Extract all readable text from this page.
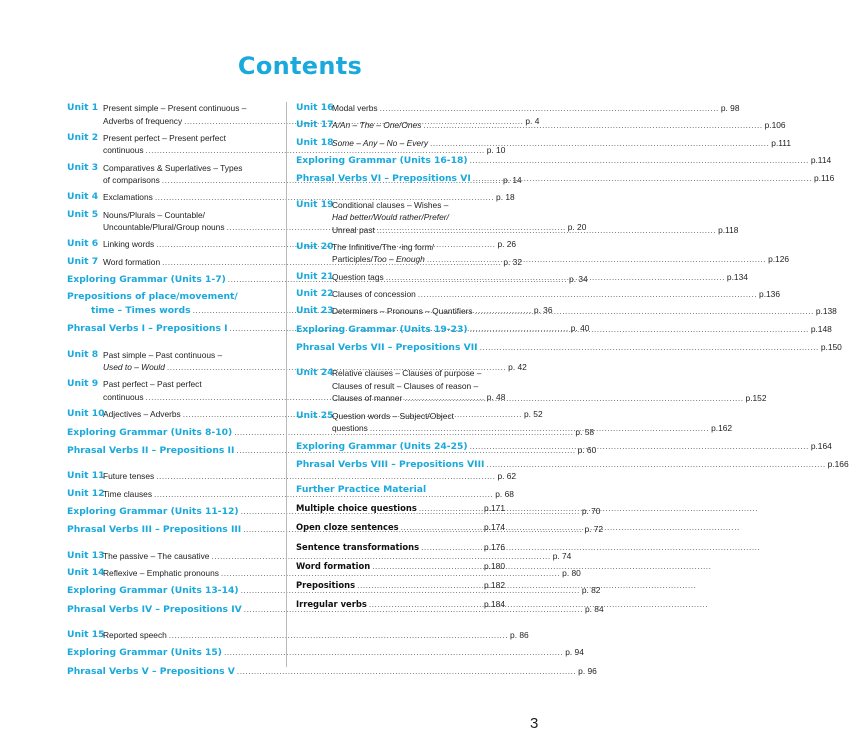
Contents
Unit 1 Present simple – Present continuous –
Adverbs of frequency .....	p. 4
Unit 2 Present perfect – Present perfect
continuous .....	p. 10
Unit 3 Comparatives & Superlatives – Types
of comparisons .....	p. 14
Unit 4 Exclamations .....	p. 18
Unit 5 Nouns/Plurals – Countable/
Uncountable/Plural/Group nouns .....	p. 20
Unit 6 Linking words .....	p. 26
Unit 7 Word formation .....	p. 32
Exploring Grammar (Units 1-7) .....	p. 34
Prepositions of place/movement/
time – Times words .....	p. 36
Phrasal Verbs I – Prepositions I .....	p. 40
Unit 8 Past simple – Past continuous –
Used to – Would .....	p. 42
Unit 9 Past perfect – Past perfect
continuous .....	p. 48
Unit 10
Adjectives – Adverbs .....	p. 52
Exploring Grammar (Units 8-10) .....	p. 58
Phrasal Verbs II – Prepositions II .....	p. 60
Unit 11
Future tenses .....	p. 62
Unit 12
Time clauses .....	p. 68
Exploring Grammar (Units 11-12) .....	p. 70
Phrasal Verbs III – Prepositions III .....	p. 72
Unit 13
The passive – The causative .....	p. 74
Unit 14
Reflexive – Emphatic pronouns .....	p. 80
Exploring Grammar (Units 13-14) .....	p. 82
Phrasal Verbs IV – Prepositions IV .....	p. 84
Unit 15
Reported speech .....	p. 86
Exploring Grammar (Units 15) .....	p. 94
Phrasal Verbs V – Prepositions V .....	p. 96
Unit 16
Modal verbs .....	p. 98
Unit 17
A/An – The – One/Ones .....	p.106
Unit 18
Some – Any – No – Every .....	p.111
Exploring Grammar (Units 16-18) .....	p.114
Phrasal Verbs VI – Prepositions VI .....	p.116
Unit 19
Conditional clauses – Wishes –
Had better/Would rather/Prefer/
Unreal past .....	p.118
Unit 20
The Infinitive/The -ing form/
Participles/Too – Enough .....	p.126
Unit 21
Question tags .....	p.134
Unit 22
Clauses of concession .....	p.136
Unit 23
Determiners – Pronouns – Quantifiers .....	p.138
Exploring Grammar (Units 19-23) .....	p.148
Phrasal Verbs VII – Prepositions VII .....	p.150
Unit 24
Relative clauses – Clauses of purpose –
Clauses of result – Clauses of reason –
Clauses of manner .....	p.152
Unit 25
Question words – Subject/Object
questions .....	p.162
Exploring Grammar (Units 24-25) .....	p.164
Phrasal Verbs VIII – Prepositions VIII .....	p.166
Further Practice Material
Multiple choice questions .....	p.171
Open cloze sentences .....	p.174
Sentence transformations .....	p.176
Word formation .....	p.180
Prepositions .....	p.182
Irregular verbs .....	p.184
3
